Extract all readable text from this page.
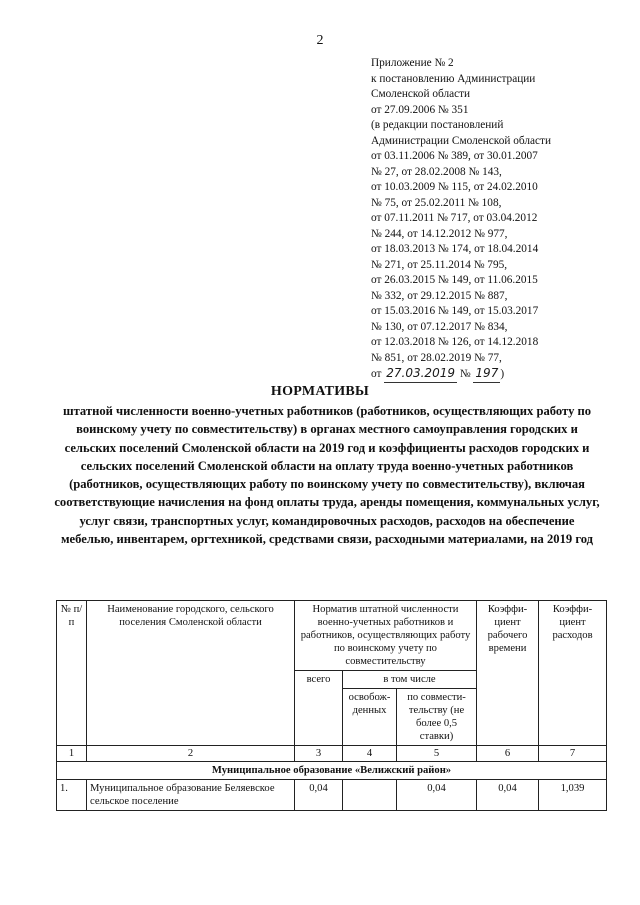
2
Приложение № 2
к постановлению Администрации
Смоленской области
от 27.09.2006 № 351
(в редакции постановлений
Администрации Смоленской области
от 03.11.2006 № 389, от 30.01.2007
№ 27, от 28.02.2008 № 143,
от 10.03.2009 № 115, от 24.02.2010
№ 75, от 25.02.2011 № 108,
от 07.11.2011 № 717, от 03.04.2012
№ 244, от 14.12.2012 № 977,
от 18.03.2013 № 174, от 18.04.2014
№ 271, от 25.11.2014 № 795,
от 26.03.2015 № 149, от 11.06.2015
№ 332, от 29.12.2015 № 887,
от 15.03.2016 № 149, от 15.03.2017
№ 130, от 07.12.2017 № 834,
от 12.03.2018 № 126, от 14.12.2018
№ 851, от 28.02.2019 № 77,
от 27.03.2019 № 197 )
НОРМАТИВЫ
штатной численности военно-учетных работников (работников, осуществляющих работу по воинскому учету по совместительству) в органах местного самоуправления городских и сельских поселений Смоленской области на 2019 год и коэффициенты расходов городских и сельских поселений Смоленской области на оплату труда военно-учетных работников (работников, осуществляющих работу по воинскому учету по совместительству), включая соответствующие начисления на фонд оплаты труда, аренды помещения, коммунальных услуг, услуг связи, транспортных услуг, командировочных расходов, расходов на обеспечение мебелью, инвентарем, оргтехникой, средствами связи, расходными материалами, на 2019 год
№ п/п	Наименование городского, сельского поселения Смоленской области	Норматив штатной численности военно-учетных работников и работников, осуществляющих работу по воинскому учету по совместительству			Коэффи-циент рабочего времени	Коэффи-циент расходов
		всего	в том числе			
			освобож-денных	по совмести-тельству (не более 0,5 ставки)		
1	2	3	4	5	6	7
Муниципальное образование «Велижский район»						
1.	Муниципальное образование Беляевское сельское поселение	0,04		0,04	0,04	1,039
